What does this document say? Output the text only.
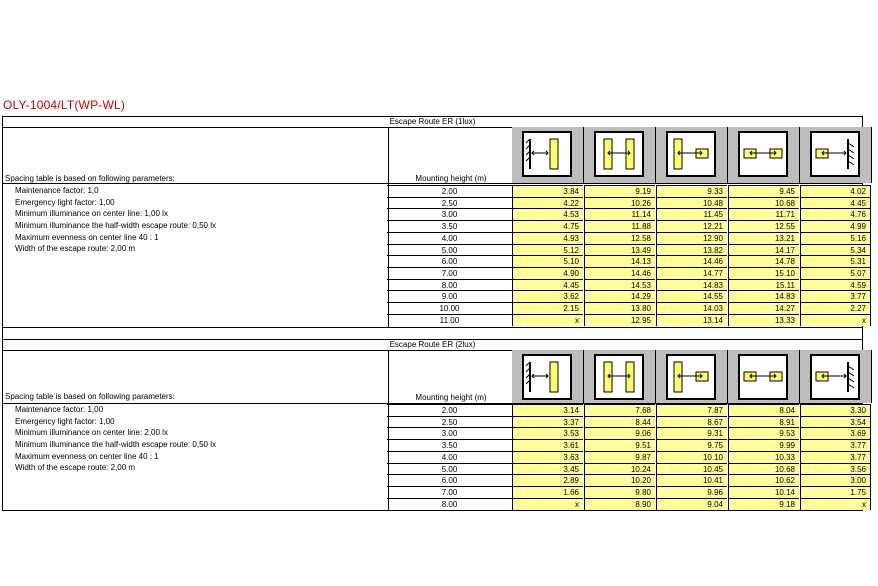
OLY-1004/LT(WP-WL)
Escape Route ER (1lux)
Spacing table is based on following parameters:	Mounting height (m)
Maintenance factor: 1,0
Emergency light factor: 1,00
Minimum illuminance on center line: 1,00 lx
Minimum illuminance the half-width escape route: 0,50 lx
Maximum evenness on center line 40 : 1
Width of the escape route: 2,00 m
2.00	3.84	9.19	9.33	9.45	4.02
2.50	4.22	10.26	10.48	10.68	4.45
3.00	4.53	11.14	11.45	11.71	4.76
3.50	4.75	11.88	12.21	12.55	4.99
4.00	4.93	12.58	12.90	13.21	5.16
5.00	5.12	13.49	13.82	14.17	5.34
6.00	5.10	14.13	14.46	14.78	5.31
7.00	4.90	14.46	14.77	15.10	5.07
8.00	4.45	14.53	14.83	15.11	4.59
9.00	3.62	14.29	14.55	14.83	3.77
10.00	2.15	13.80	14.03	14.27	2.27
11.00	x	12.95	13.14	13.33	x
Escape Route ER (2lux)
Spacing table is based on following parameters:	Mounting height (m)
Maintenance factor: 1,00
Emergency light factor: 1,00
Minimum illuminance on center line: 2,00 lx
Minimum illuminance the half-width escape route: 0,50 lx
Maximum evenness on center line 40 : 1
Width of the escape route: 2,00 m
2.00	3.14	7.68	7.87	8.04	3.30
2.50	3.37	8.44	8.67	8.91	3.54
3.00	3.53	9.06	9.31	9.53	3.69
3.50	3.61	9.51	9.75	9.99	3.77
4.00	3.63	9.87	10.10	10.33	3.77
5.00	3.45	10.24	10.45	10.68	3.56
6.00	2.89	10.20	10.41	10.62	3.00
7.00	1.66	9.80	9.96	10.14	1.75
8.00	x	8.90	9.04	9.18	x
